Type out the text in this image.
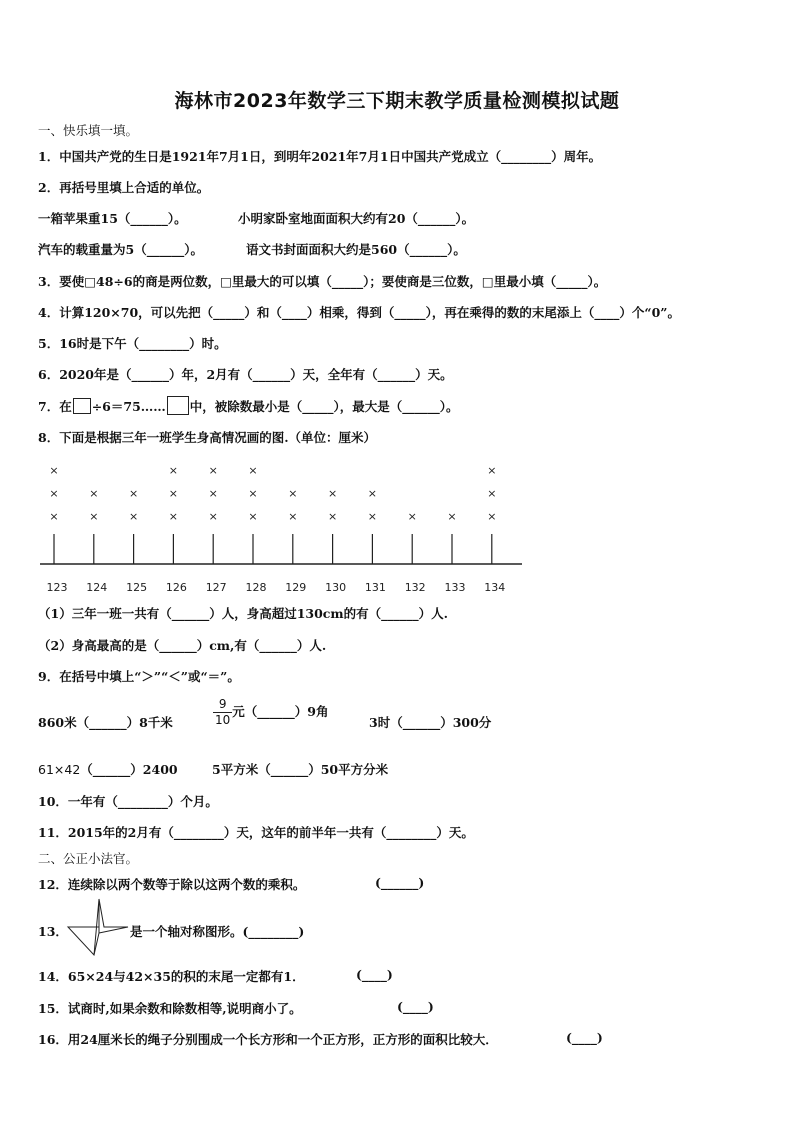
海林市2023年数学三下期末教学质量检测模拟试题
一、快乐填一填。
1．中国共产党的生日是1921年7月1日，到明年2021年7月1日中国共产党成立（________）周年。
2．再括号里填上合适的单位。
一箱苹果重15（______）。	小明家卧室地面面积大约有20（______）。
汽车的载重量为5（______）。	语文书封面面积大约是560（______）。
3．要使□48÷6的商是两位数，□里最大的可以填（_____）；要使商是三位数，□里最小填（_____）。
4．计算120×70，可以先把（_____）和（____）相乘，得到（_____），再在乘得的数的末尾添上（____）个“0”。
5．16时是下午（________）时。
6．2020年是（______）年，2月有（______）天，全年有（______）天。
7．在 ÷6＝75…… 中，被除数最小是（_____），最大是（______）。
8．下面是根据三年一班学生身高情况画的图.（单位：厘米）
×
×
×
×
×
×
×
×
×
×
×
×
×
×
×
×
×
×
×
×
×
×
×	×	×
×
×
123 124 125 126 127 128 129 130 131 132 133 134
（1）三年一班一共有（______）人，身高超过130cm的有（______）人.
（2）身高最高的是（______）cm,有（______）人.
9．在括号中填上“＞”“＜”或“＝”。
860米（______）8千米	$\frac{9}{10}$ 元（______）9角
3时（______）300分
61×42（______）2400	5平方米（______）50平方分米
10．一年有（________）个月。
11．2015年的2月有（________）天，这年的前半年一共有（________）天。
二、公正小法官。
12．连续除以两个数等于除以这两个数的乘积。	(______)
13．	是一个轴对称图形。(________)
14．65×24与42×35的积的末尾一定都有1．	(____)
15．试商时,如果余数和除数相等,说明商小了。	(____)
16．用24厘米长的绳子分别围成一个长方形和一个正方形，正方形的面积比较大．	(____)
